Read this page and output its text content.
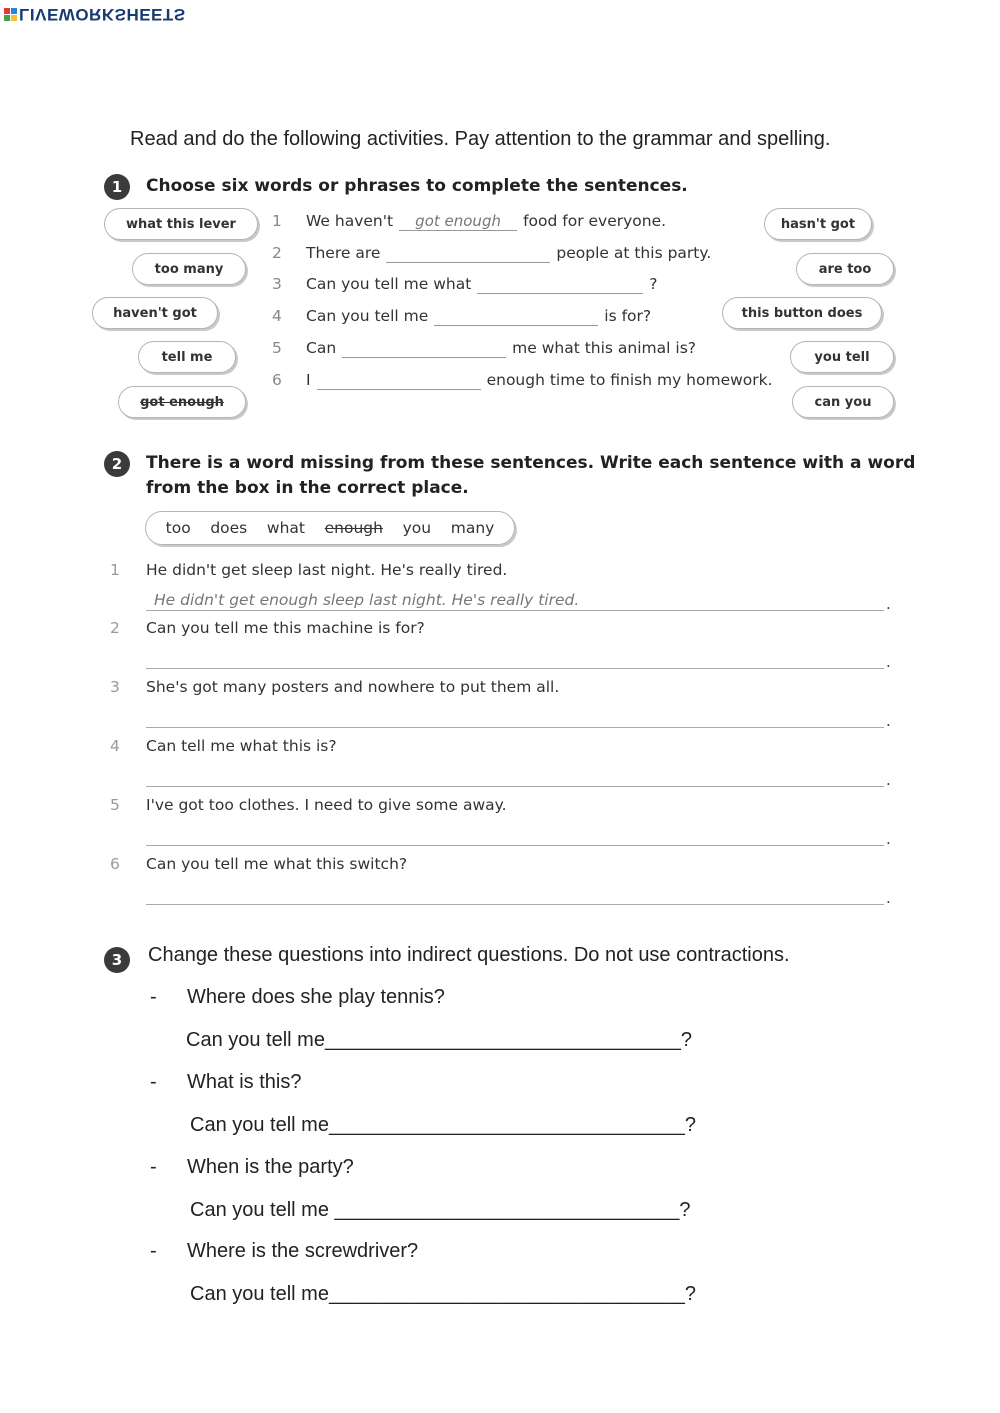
LIVEWORKSHEETS
Read and do the following activities. Pay attention to the grammar and spelling.
1	Choose six words or phrases to complete the sentences.
what this lever
too many
haven't got
tell me
got enough
hasn't got
are too
this button does
you tell
can you
1	We haven't	got enough	food for everyone.
2	There are	people at this party.
3	Can you tell me what	?
4	Can you tell me	is for?
5	Can	me what this animal is?
6	I	enough time to finish my homework.
2	There is a word missing from these sentences. Write each sentence with a word
from the box in the correct place.
too does what enough you many
1 He didn't get sleep last night. He's really tired.
He didn't get enough sleep last night. He's really tired.	.
2 Can you tell me this machine is for?
.
3 She's got many posters and nowhere to put them all.
.
4 Can tell me what this is?
.
5 I've got too clothes. I need to give some away.
.
6 Can you tell me what this switch?
.
3	Change these questions into indirect questions. Do not use contractions.
- Where does she play tennis?
Can you tell me________________________________?
- What is this?
Can you tell me________________________________?
- When is the party?
Can you tell me _______________________________?
- Where is the screwdriver?
Can you tell me________________________________?
